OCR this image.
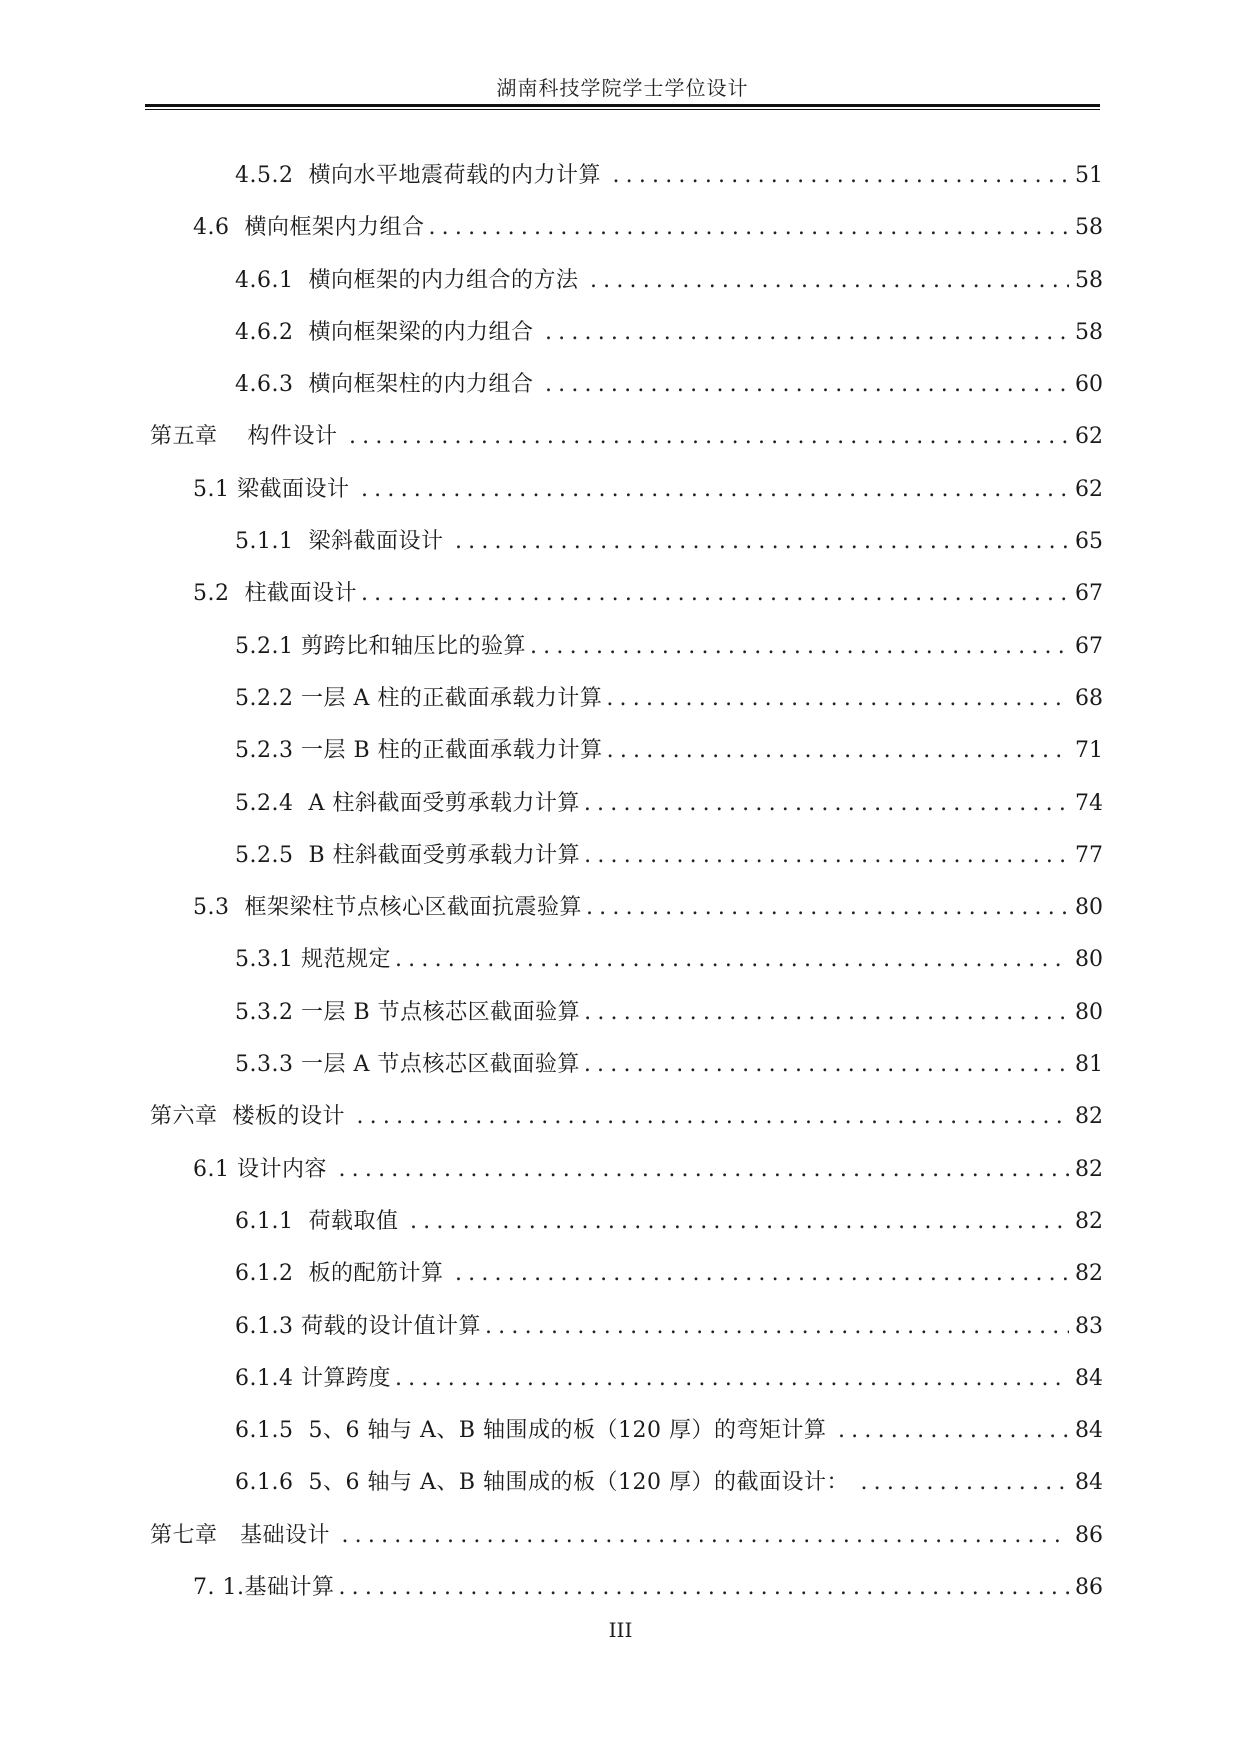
湖南科技学院学士学位设计
4.5.2  横向水平地震荷载的内力计算 .....	51
4.6  横向框架内力组合 .....	58
4.6.1  横向框架的内力组合的方法 .....	58
4.6.2  横向框架梁的内力组合 .....	58
4.6.3  横向框架柱的内力组合 .....	60
第五章    构件设计 .....	62
5.1 梁截面设计 .....	62
5.1.1  梁斜截面设计 .....	65
5.2  柱截面设计 .....	67
5.2.1 剪跨比和轴压比的验算 .....	67
5.2.2 一层 A 柱的正截面承载力计算 .....	68
5.2.3 一层 B 柱的正截面承载力计算 .....	71
5.2.4  A 柱斜截面受剪承载力计算 .....	74
5.2.5  B 柱斜截面受剪承载力计算 .....	77
5.3  框架梁柱节点核心区截面抗震验算 .....	80
5.3.1 规范规定 .....	80
5.3.2 一层 B 节点核芯区截面验算 .....	80
5.3.3 一层 A 节点核芯区截面验算 .....	81
第六章  楼板的设计 .....	82
6.1 设计内容 .....	82
6.1.1  荷载取值 .....	82
6.1.2  板的配筋计算 .....	82
6.1.3 荷载的设计值计算 .....	83
6.1.4 计算跨度 .....	84
6.1.5  5、6 轴与 A、B 轴围成的板（120 厚）的弯矩计算 .....	84
6.1.6  5、6 轴与 A、B 轴围成的板（120 厚）的截面设计： .....	84
第七章   基础设计 .....	86
7. 1.基础计算 .....	86
III
